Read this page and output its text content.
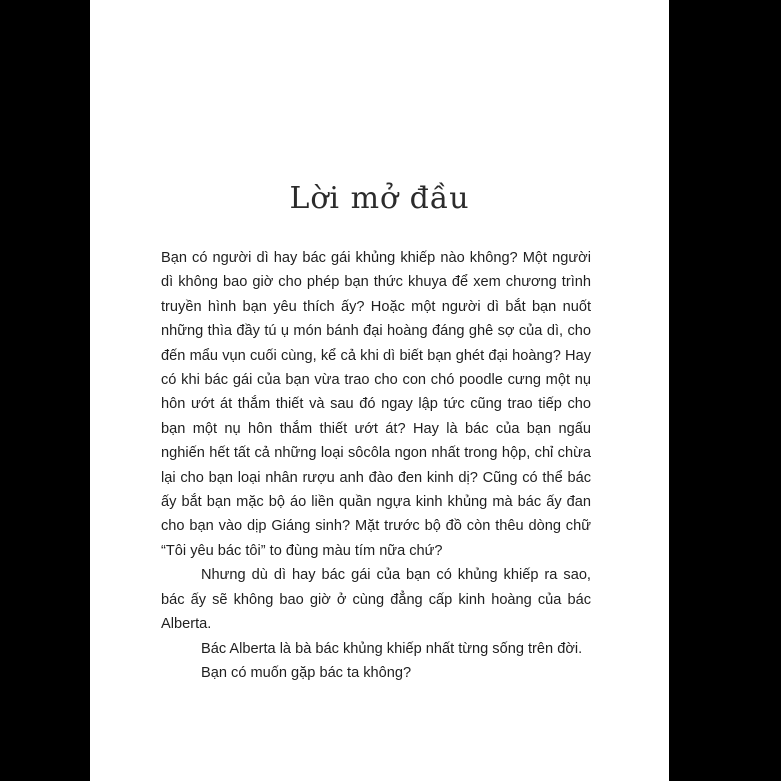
Lời mở đầu

Bạn có người dì hay bác gái khủng khiếp nào không? Một người dì không bao giờ cho phép bạn thức khuya để xem chương trình truyền hình bạn yêu thích ấy? Hoặc một người dì bắt bạn nuốt những thìa đầy tú ụ món bánh đại hoàng đáng ghê sợ của dì, cho đến mẩu vụn cuối cùng, kể cả khi dì biết bạn ghét đại hoàng? Hay có khi bác gái của bạn vừa trao cho con chó poodle cưng một nụ hôn ướt át thắm thiết và sau đó ngay lập tức cũng trao tiếp cho bạn một nụ hôn thắm thiết ướt át? Hay là bác của bạn ngấu nghiến hết tất cả những loại sôcôla ngon nhất trong hộp, chỉ chừa lại cho bạn loại nhân rượu anh đào đen kinh dị? Cũng có thể bác ấy bắt bạn mặc bộ áo liền quần ngựa kinh khủng mà bác ấy đan cho bạn vào dịp Giáng sinh? Mặt trước bộ đồ còn thêu dòng chữ “Tôi yêu bác tôi” to đùng màu tím nữa chứ?

Nhưng dù dì hay bác gái của bạn có khủng khiếp ra sao, bác ấy sẽ không bao giờ ở cùng đẳng cấp kinh hoàng của bác Alberta.

Bác Alberta là bà bác khủng khiếp nhất từng sống trên đời.

Bạn có muốn gặp bác ta không?
